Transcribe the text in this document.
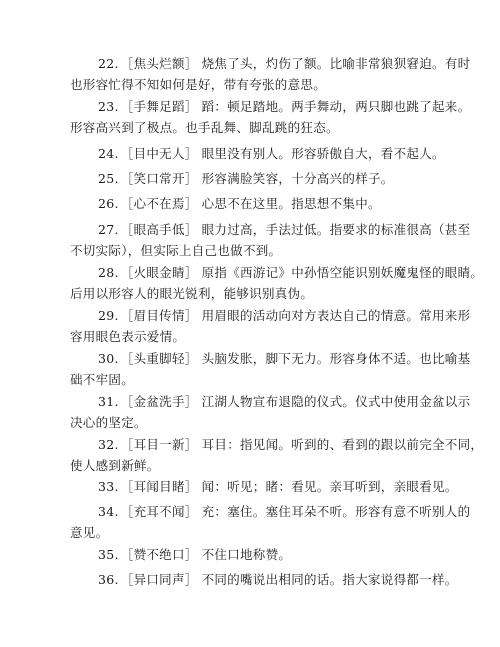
22. ［焦头烂额］ 烧焦了头，灼伤了额。比喻非常狼狈窘迫。有时
也形容忙得不知如何是好，带有夸张的意思。
23. ［手舞足蹈］ 蹈：顿足踏地。两手舞动，两只脚也跳了起来。
形容高兴到了极点。也手乱舞、脚乱跳的狂态。
24. ［目中无人］ 眼里没有别人。形容骄傲自大，看不起人。
25. ［笑口常开］ 形容满脸笑容，十分高兴的样子。
26. ［心不在焉］ 心思不在这里。指思想不集中。
27. ［眼高手低］ 眼力过高，手法过低。指要求的标准很高（甚至
不切实际），但实际上自己也做不到。
28. ［火眼金睛］ 原指《西游记》中孙悟空能识别妖魔鬼怪的眼睛。
后用以形容人的眼光锐利，能够识别真伪。
29. ［眉目传情］ 用眉眼的活动向对方表达自己的情意。常用来形
容用眼色表示爱情。
30. ［头重脚轻］ 头脑发胀，脚下无力。形容身体不适。也比喻基
础不牢固。
31. ［金盆洗手］ 江湖人物宣布退隐的仪式。仪式中使用金盆以示
决心的坚定。
32. ［耳目一新］ 耳目：指见闻。听到的、看到的跟以前完全不同，
使人感到新鲜。
33. ［耳闻目睹］ 闻：听见；睹：看见。亲耳听到，亲眼看见。
34. ［充耳不闻］ 充：塞住。塞住耳朵不听。形容有意不听别人的
意见。
35. ［赞不绝口］ 不住口地称赞。
36. ［异口同声］ 不同的嘴说出相同的话。指大家说得都一样。
